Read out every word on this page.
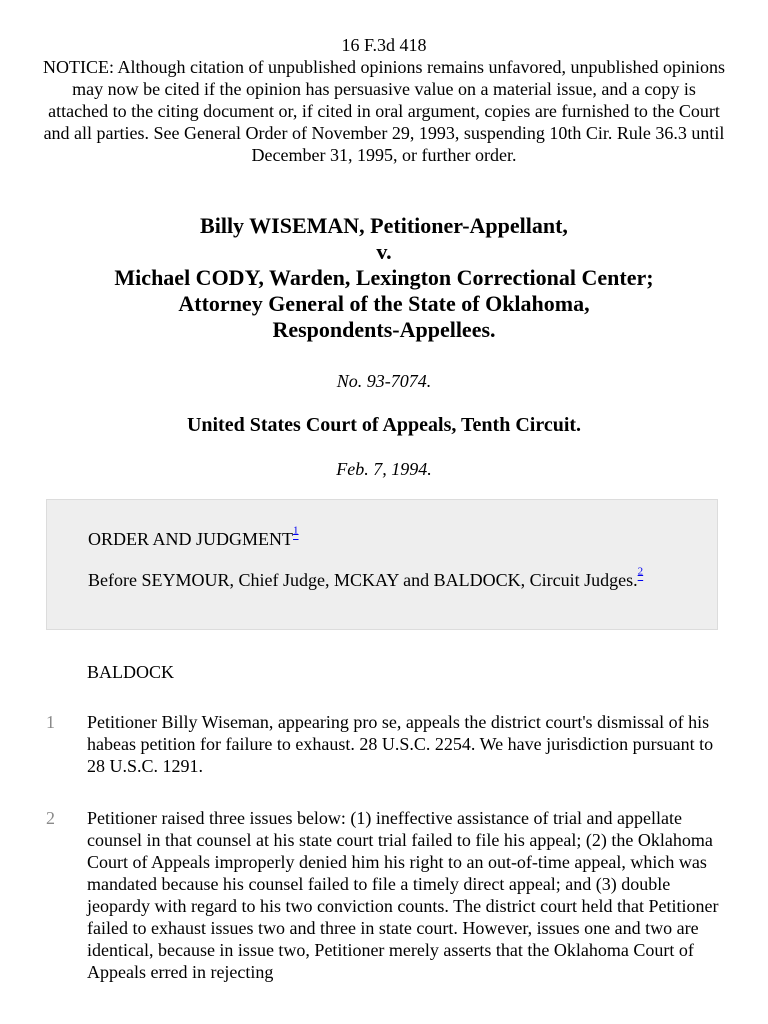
16 F.3d 418
NOTICE: Although citation of unpublished opinions remains unfavored, unpublished opinions may now be cited if the opinion has persuasive value on a material issue, and a copy is attached to the citing document or, if cited in oral argument, copies are furnished to the Court and all parties. See General Order of November 29, 1993, suspending 10th Cir. Rule 36.3 until December 31, 1995, or further order.
Billy WISEMAN, Petitioner-Appellant,
v.
Michael CODY, Warden, Lexington Correctional Center;
Attorney General of the State of Oklahoma,
Respondents-Appellees.
No. 93-7074.
United States Court of Appeals, Tenth Circuit.
Feb. 7, 1994.
ORDER AND JUDGMENT$^1$
Before SEYMOUR, Chief Judge, MCKAY and BALDOCK, Circuit Judges.$^2$
BALDOCK
1 Petitioner Billy Wiseman, appearing pro se, appeals the district court's dismissal of his habeas petition for failure to exhaust. 28 U.S.C. 2254. We have jurisdiction pursuant to 28 U.S.C. 1291.
2 Petitioner raised three issues below: (1) ineffective assistance of trial and appellate counsel in that counsel at his state court trial failed to file his appeal; (2) the Oklahoma Court of Appeals improperly denied him his right to an out-of-time appeal, which was mandated because his counsel failed to file a timely direct appeal; and (3) double jeopardy with regard to his two conviction counts. The district court held that Petitioner failed to exhaust issues two and three in state court. However, issues one and two are identical, because in issue two, Petitioner merely asserts that the Oklahoma Court of Appeals erred in rejecting
